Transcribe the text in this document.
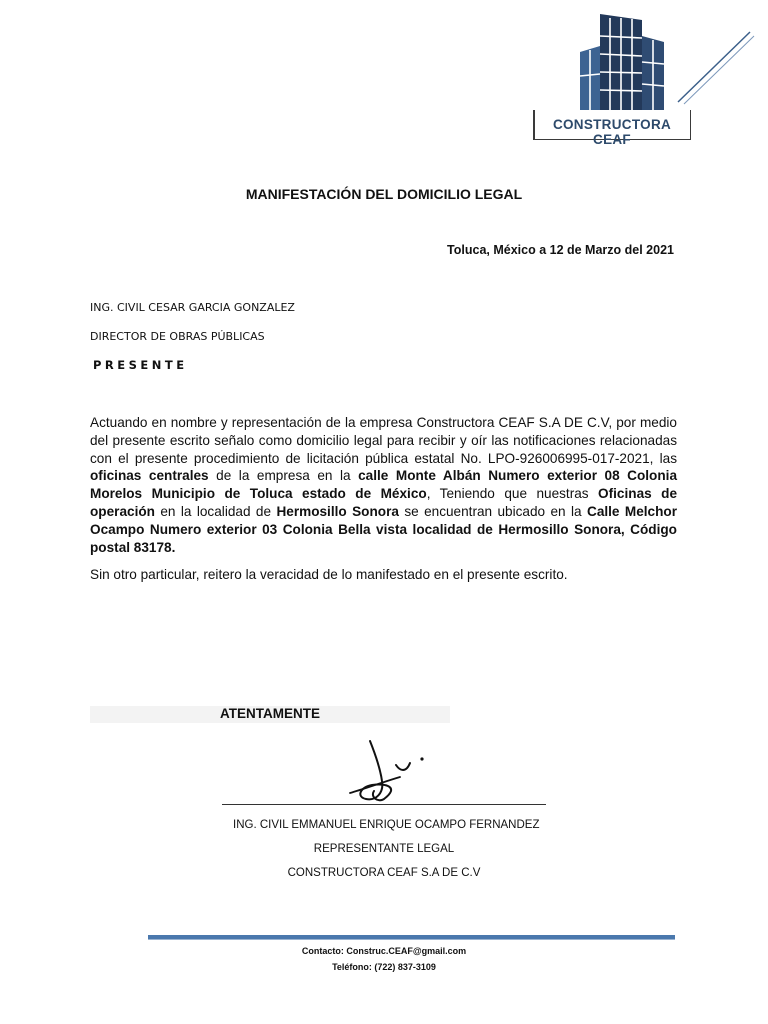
CONSTRUCTORA CEAF
MANIFESTACIÓN DEL DOMICILIO LEGAL
Toluca, México a 12 de Marzo del 2021
ING. CIVIL CESAR GARCIA GONZALEZ
DIRECTOR DE OBRAS PÚBLICAS
PRESENTE
Actuando en nombre y representación de la empresa Constructora CEAF S.A DE C.V, por medio del presente escrito señalo como domicilio legal para recibir y oír las notificaciones relacionadas con el presente procedimiento de licitación pública estatal No. LPO-926006995-017-2021, las oficinas centrales de la empresa en la calle Monte Albán Numero exterior 08 Colonia Morelos Municipio de Toluca estado de México, Teniendo que nuestras Oficinas de operación en la localidad de Hermosillo Sonora se encuentran ubicado en la Calle Melchor Ocampo Numero exterior 03 Colonia Bella vista localidad de Hermosillo Sonora, Código postal 83178.
Sin otro particular, reitero la veracidad de lo manifestado en el presente escrito.
ATENTAMENTE
ING. CIVIL EMMANUEL ENRIQUE OCAMPO FERNANDEZ
REPRESENTANTE LEGAL
CONSTRUCTORA CEAF S.A DE C.V
Contacto: Construc.CEAF@gmail.com
Teléfono: (722) 837-3109
